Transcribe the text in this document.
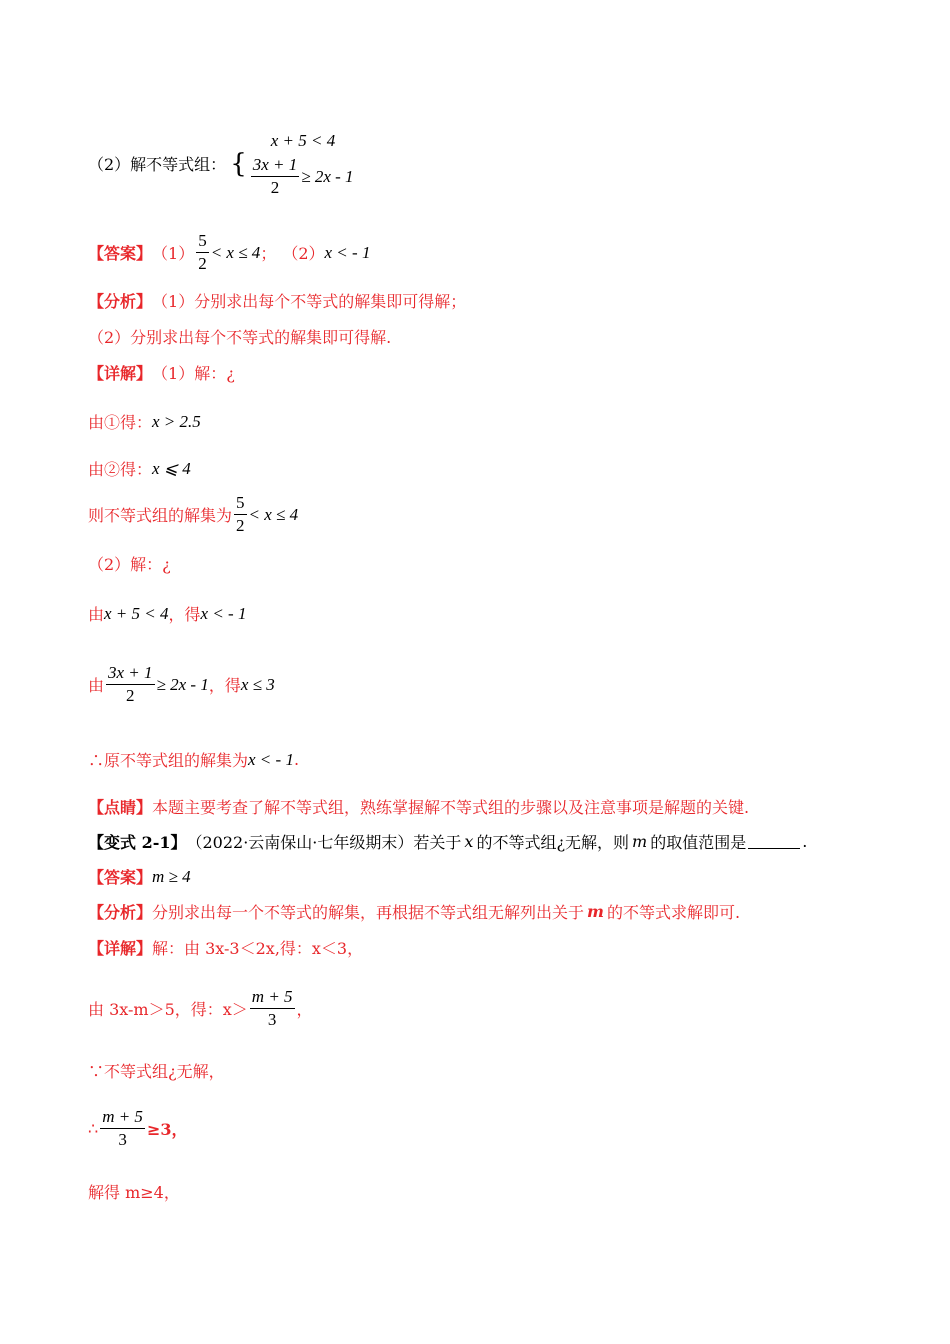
（2）解不等式组： {
x + 5 < 4
$\frac{3x + 1}{2} \ge 2x - 1$
【答案】 $(1) \frac{5}{2} < x \le 4$ ； （2） x < - 1
【分析】 （1）分别求出每个不等式的解集即可得解；
（2）分别求出每个不等式的解集即可得解.
【详解】 （1）解：¿
由①得： x > 2.5
由②得： x ⩽ 4
则不等式组的解集为 $\frac{5}{2} < x \le 4$
（2）解：¿
由 x + 5 < 4 ，得 x < - 1
由 $\frac{3x + 1}{2} \ge 2x - 1$ ，得 x ≤ 3
∴原不等式组的解集为 x < - 1 .
【点睛】 本题主要考查了解不等式组，熟练掌握解不等式组的步骤以及注意事项是解题的关键.
【变式 2-1】 （2022·云南保山·七年级期末） 若关于 x 的不等式组¿无解，则 m 的取值范围是	.
【答案】 m ≥ 4
【分析】 分别求出每一个不等式的解集，再根据不等式组无解列出关于 m 的不等式求解即可.
【详解】 解：由 3x-3＜2x,得：x＜3，
由 3x-m＞5，得：$x> \frac{m + 5}{3}$ ，
∵不等式组¿无解，
∴ $\frac{m + 5}{3} \ge 3$，
解得 m≥4，
